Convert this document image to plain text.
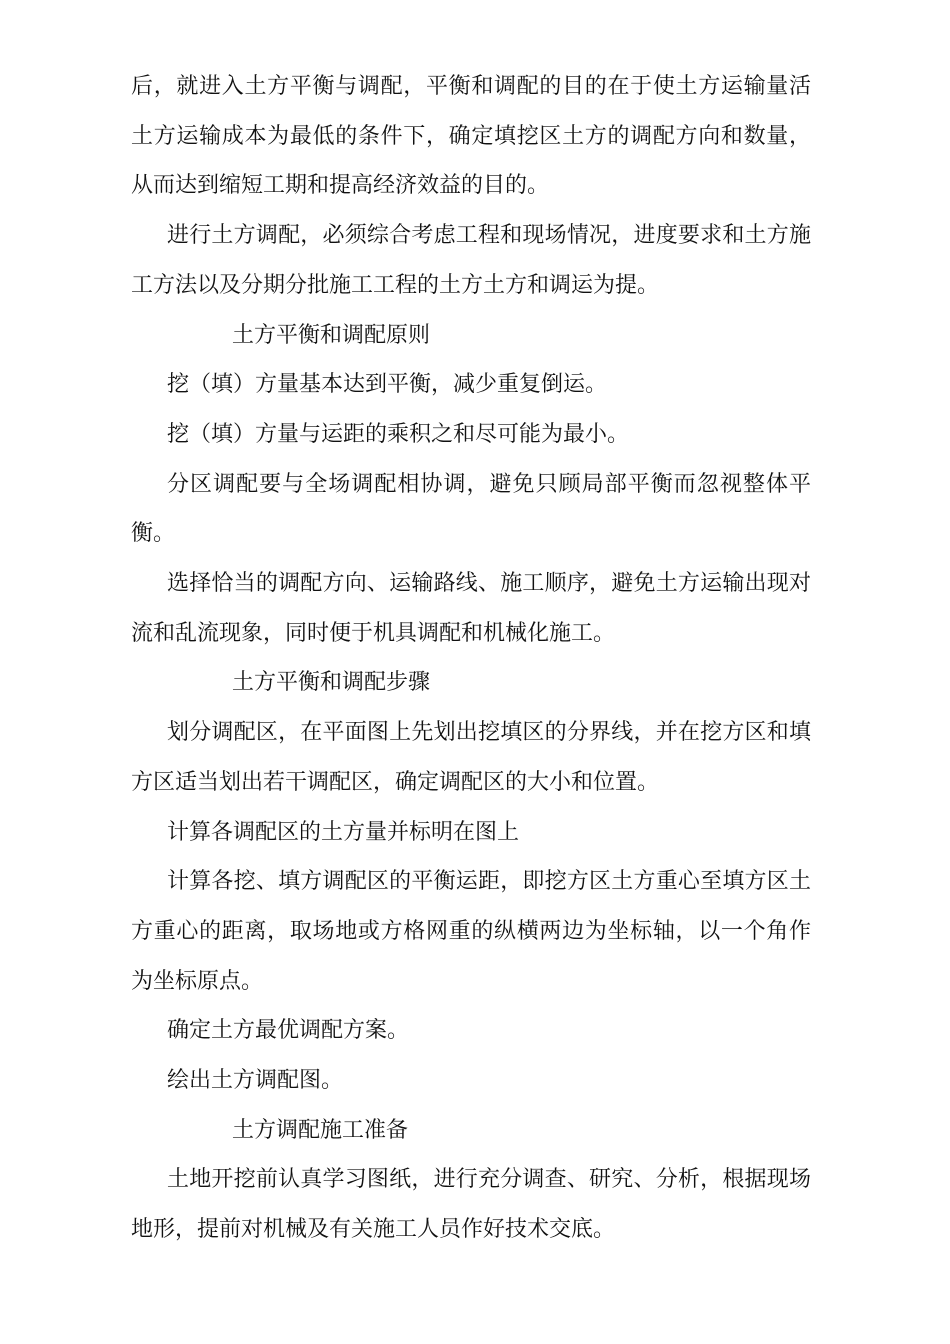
后，就进入土方平衡与调配，平衡和调配的目的在于使土方运输量活土方运输成本为最低的条件下，确定填挖区土方的调配方向和数量，从而达到缩短工期和提高经济效益的目的。

进行土方调配，必须综合考虑工程和现场情况，进度要求和土方施工方法以及分期分批施工工程的土方土方和调运为提。

土方平衡和调配原则

挖（填）方量基本达到平衡，减少重复倒运。

挖（填）方量与运距的乘积之和尽可能为最小。

分区调配要与全场调配相协调，避免只顾局部平衡而忽视整体平衡。

选择恰当的调配方向、运输路线、施工顺序，避免土方运输出现对流和乱流现象，同时便于机具调配和机械化施工。

土方平衡和调配步骤

划分调配区，在平面图上先划出挖填区的分界线，并在挖方区和填方区适当划出若干调配区，确定调配区的大小和位置。

计算各调配区的土方量并标明在图上

计算各挖、填方调配区的平衡运距，即挖方区土方重心至填方区土方重心的距离，取场地或方格网重的纵横两边为坐标轴，以一个角作为坐标原点。

确定土方最优调配方案。

绘出土方调配图。

土方调配施工准备

土地开挖前认真学习图纸，进行充分调查、研究、分析，根据现场地形，提前对机械及有关施工人员作好技术交底。
